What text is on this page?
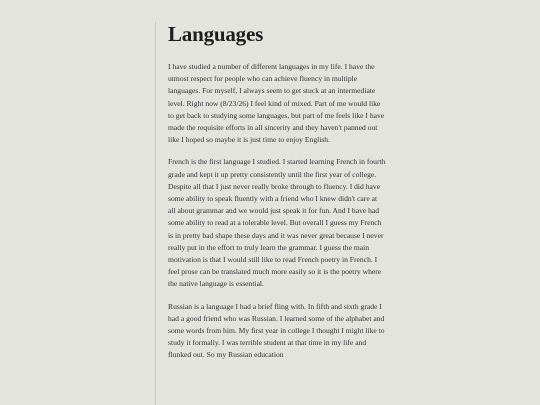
Languages

I have studied a number of different languages in my life. I have the utmost respect for people who can achieve fluency in multiple languages. For myself, I always seem to get stuck at an intermediate level. Right now (8/23/26) I feel kind of mixed. Part of me would like to get back to studying some languages, but part of me feels like I have made the requisite efforts in all sincerity and they haven't panned out like I hoped so maybe it is just time to enjoy English.

French is the first language I studied. I started learning French in fourth grade and kept it up pretty consistently until the first year of college. Despite all that I just never really broke through to fluency. I did have some ability to speak fluently with a friend who I knew didn't care at all about grammar and we would just speak it for fun. And I have had some ability to read at a tolerable level. But overall I guess my French is in pretty bad shape these days and it was never great because I never really put in the effort to truly learn the grammar. I guess the main motivation is that I would still like to read French poetry in French. I feel prose can be translated much more easily so it is the poetry where the native language is essential.

Russian is a language I had a brief fling with. In fifth and sixth grade I had a good friend who was Russian. I learned some of the alphabet and some words from him. My first year in college I thought I might like to study it formally. I was terrible student at that time in my life and flunked out. So my Russian education
